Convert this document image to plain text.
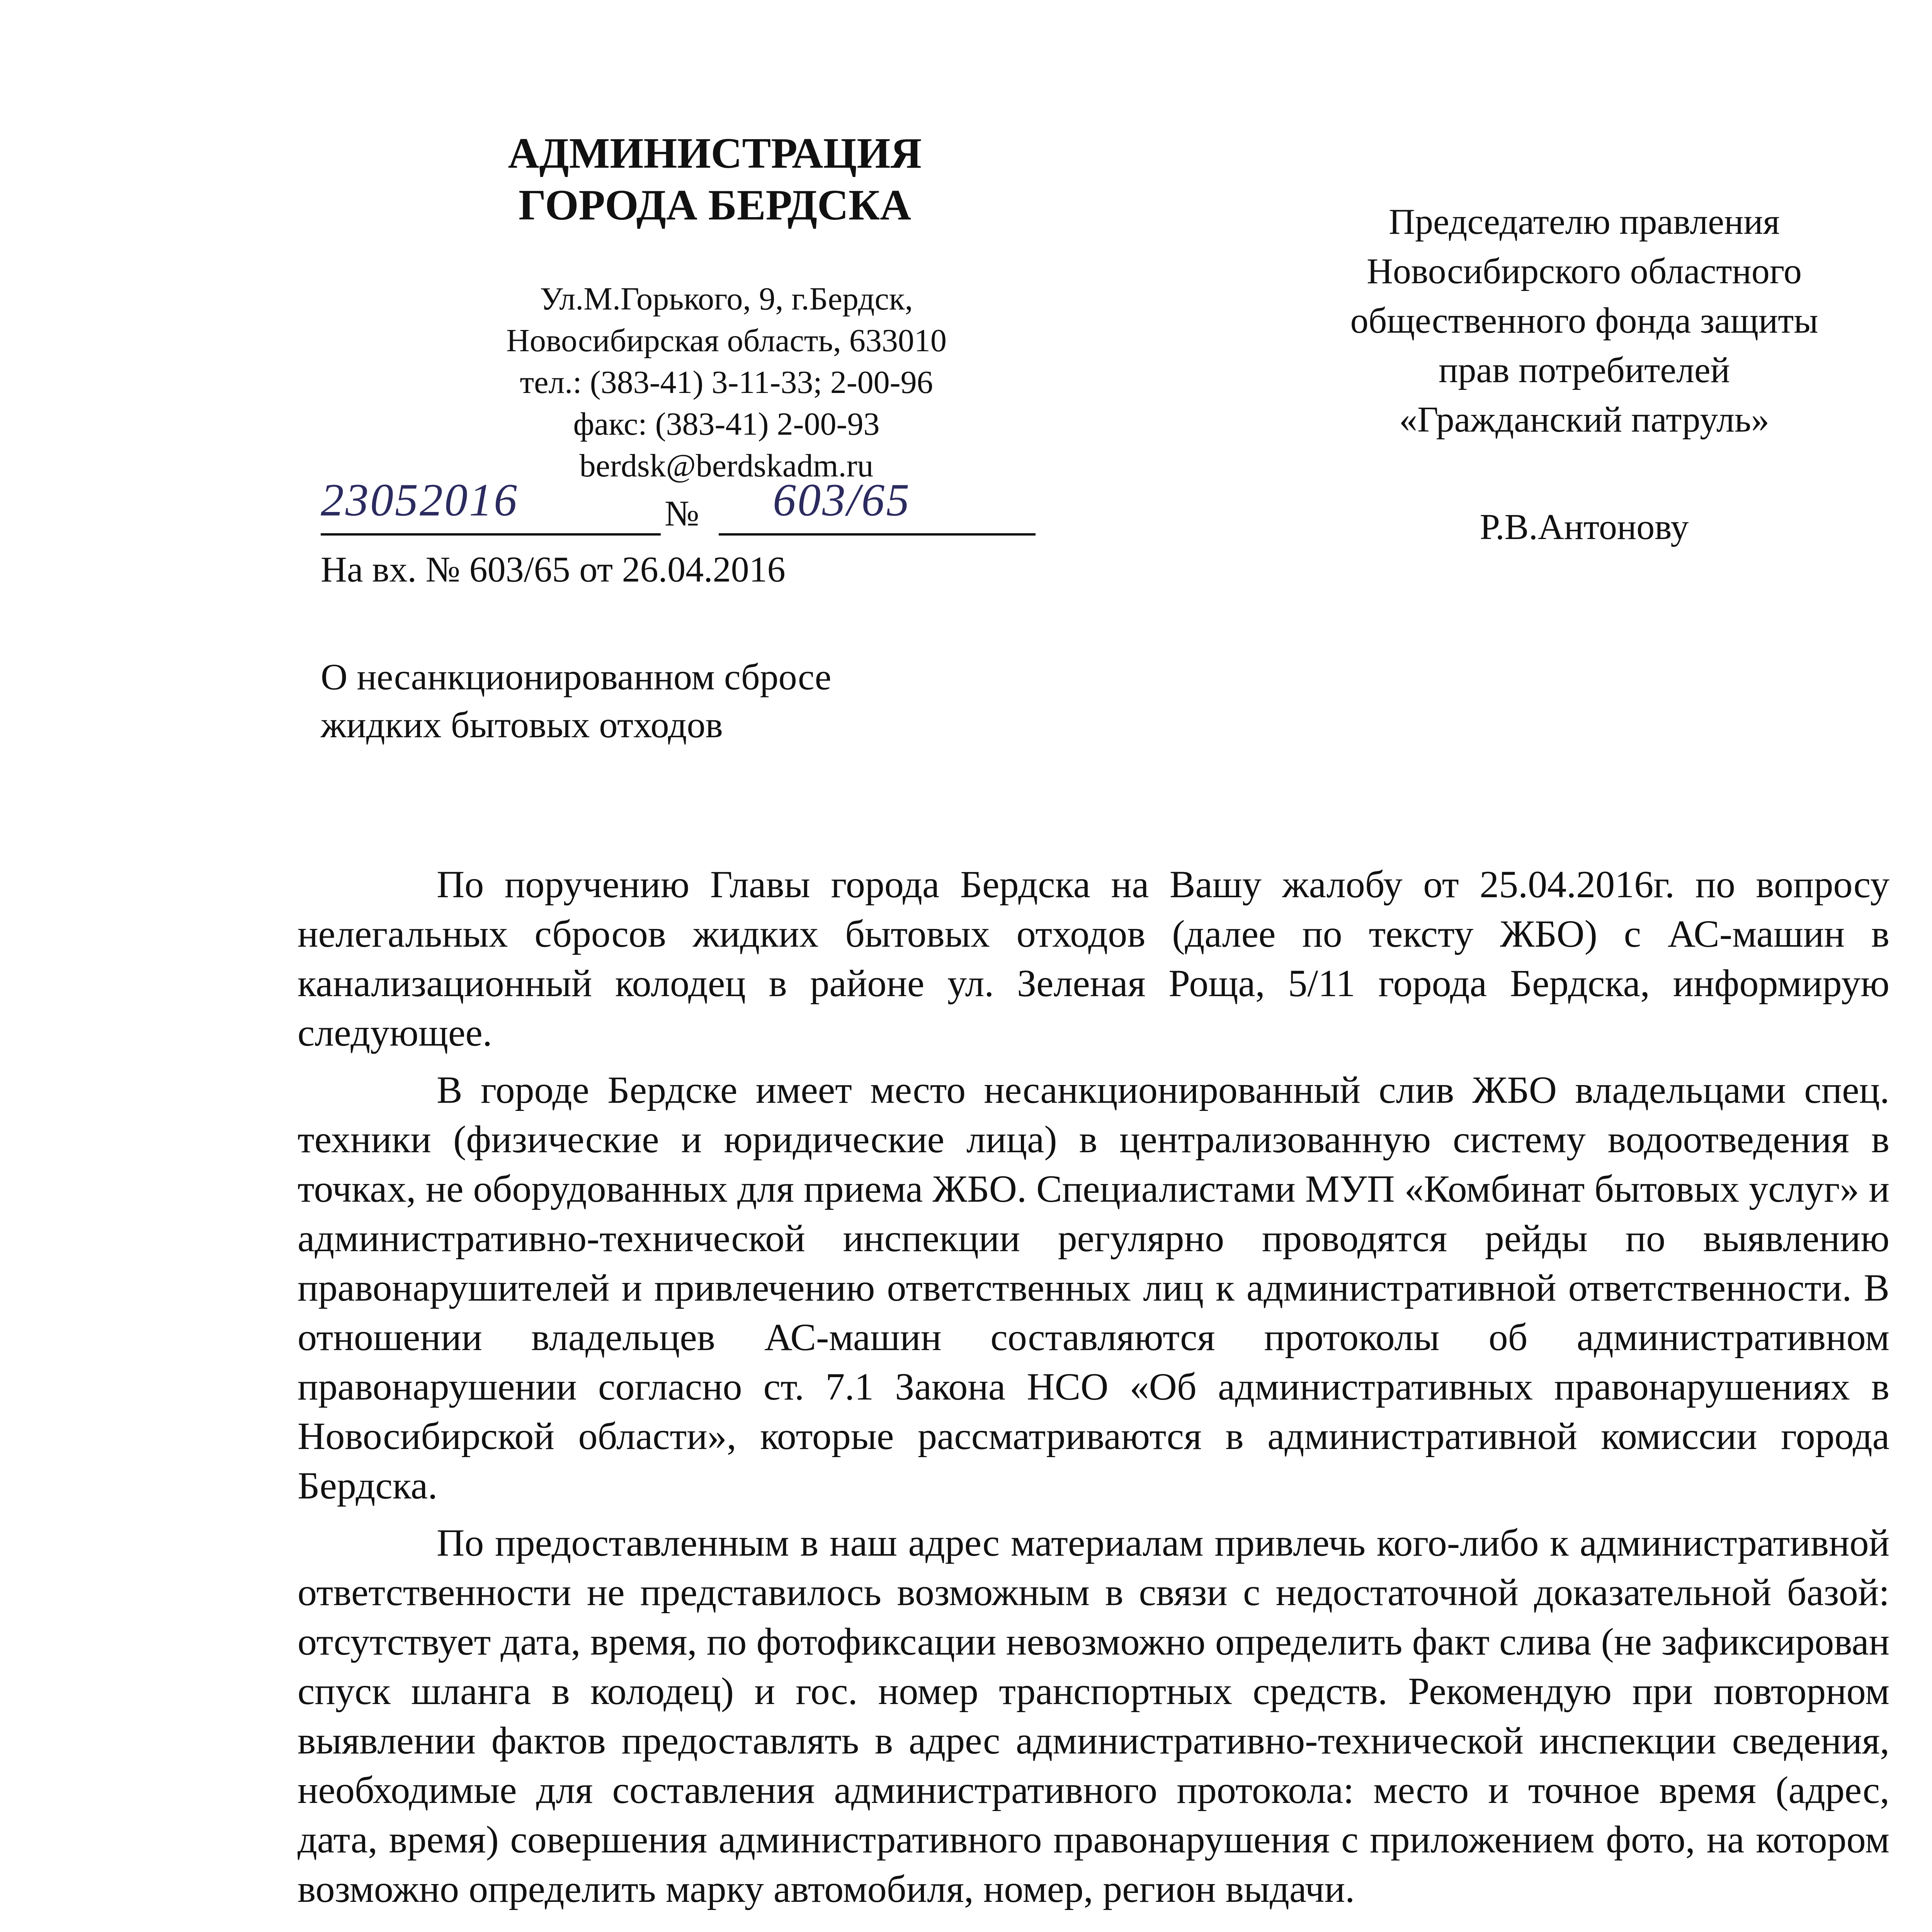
АДМИНИСТРАЦИЯ
ГОРОДА БЕРДСКА
Ул.М.Горького, 9, г.Бердск,
Новосибирская область, 633010
тел.: (383-41) 3-11-33; 2-00-96
факс: (383-41) 2-00-93
berdsk@berdskadm.ru
Председателю правления
Новосибирского областного
общественного фонда защиты
прав потребителей
«Гражданский патруль»
Р.В.Антонову
23052016	№ 603/65
На вх. № 603/65 от 26.04.2016
О несанкционированном сбросе
жидких бытовых отходов

По поручению Главы города Бердска на Вашу жалобу от 25.04.2016г. по вопросу нелегальных сбросов жидких бытовых отходов (далее по тексту ЖБО) с АС-машин в канализационный колодец в районе ул. Зеленая Роща, 5/11 города Бердска, информирую следующее.

В городе Бердске имеет место несанкционированный слив ЖБО владельцами спец. техники (физические и юридические лица) в централизованную систему водоотведения в точках, не оборудованных для приема ЖБО. Специалистами МУП «Комбинат бытовых услуг» и административно-технической инспекции регулярно проводятся рейды по выявлению правонарушителей и привлечению ответственных лиц к административной ответственности. В отношении владельцев АС-машин составляются протоколы об административном правонарушении согласно ст. 7.1 Закона НСО «Об административных правонарушениях в Новосибирской области», которые рассматриваются в административной комиссии города Бердска.

По предоставленным в наш адрес материалам привлечь кого-либо к административной ответственности не представилось возможным в связи с недостаточной доказательной базой: отсутствует дата, время, по фотофиксации невозможно определить факт слива (не зафиксирован спуск шланга в колодец) и гос. номер транспортных средств. Рекомендую при повторном выявлении фактов предоставлять в адрес административно-технической инспекции сведения, необходимые для составления административного протокола: место и точное время (адрес, дата, время) совершения административного правонарушения с приложением фото, на котором возможно определить марку автомобиля, номер, регион выдачи.
